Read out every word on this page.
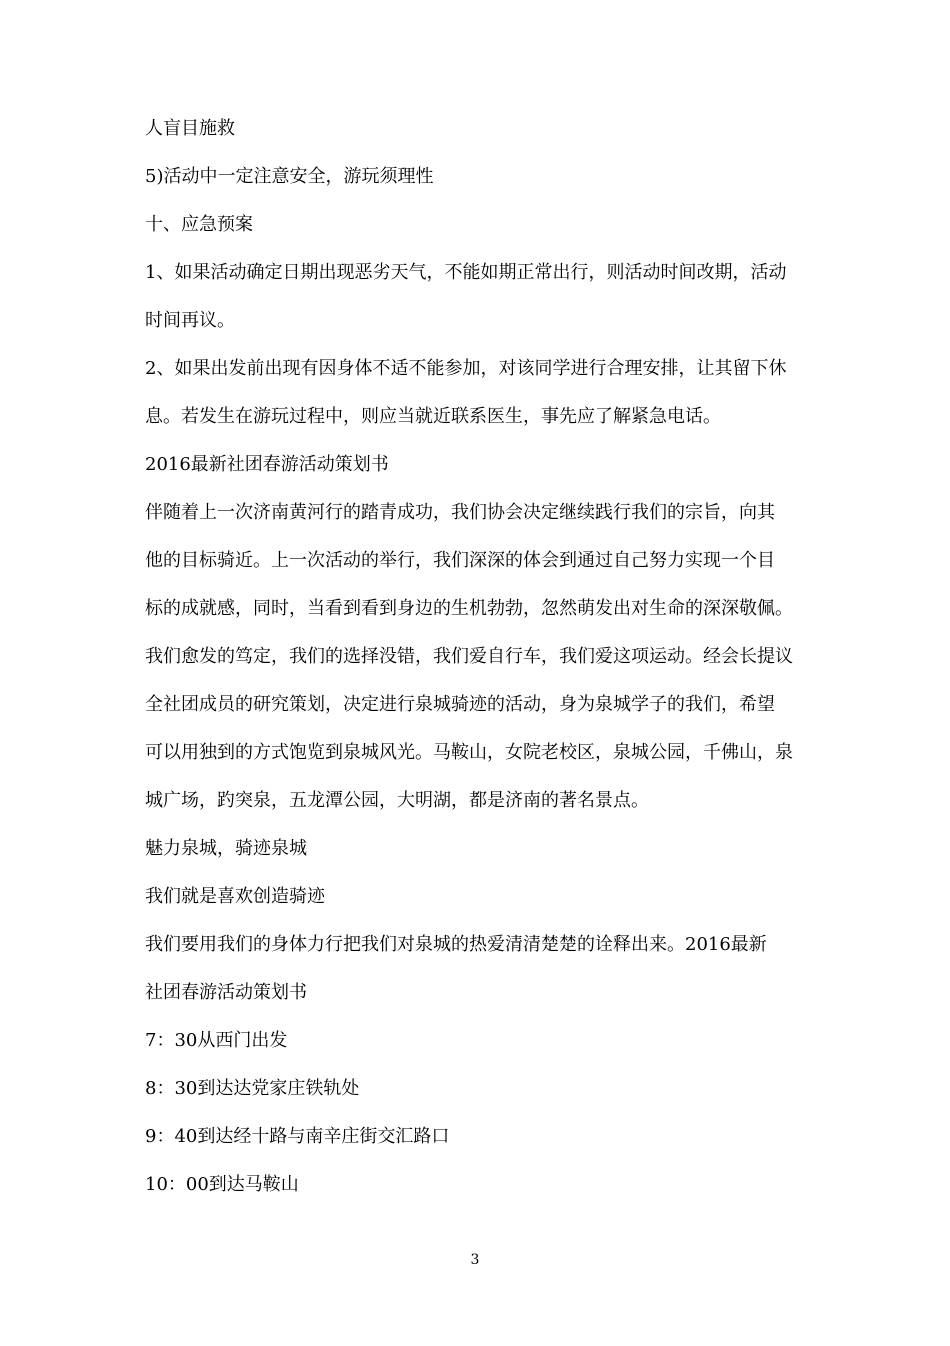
人盲目施救

5)活动中一定注意安全，游玩须理性

十、应急预案

1、如果活动确定日期出现恶劣天气，不能如期正常出行，则活动时间改期，活动

时间再议。

2、如果出发前出现有因身体不适不能参加，对该同学进行合理安排，让其留下休

息。若发生在游玩过程中，则应当就近联系医生，事先应了解紧急电话。

2016最新社团春游活动策划书

伴随着上一次济南黄河行的踏青成功，我们协会决定继续践行我们的宗旨，向其

他的目标骑近。上一次活动的举行，我们深深的体会到通过自己努力实现一个目

标的成就感，同时，当看到看到身边的生机勃勃，忽然萌发出对生命的深深敬佩。

我们愈发的笃定，我们的选择没错，我们爱自行车，我们爱这项运动。经会长提议

全社团成员的研究策划，决定进行泉城骑迹的活动，身为泉城学子的我们，希望

可以用独到的方式饱览到泉城风光。马鞍山，女院老校区，泉城公园，千佛山，泉

城广场，趵突泉，五龙潭公园，大明湖，都是济南的著名景点。

魅力泉城，骑迹泉城

我们就是喜欢创造骑迹

我们要用我们的身体力行把我们对泉城的热爱清清楚楚的诠释出来。2016最新

社团春游活动策划书

7：30从西门出发

8：30到达达党家庄铁轨处

9：40到达经十路与南辛庄街交汇路口

10：00到达马鞍山

3
